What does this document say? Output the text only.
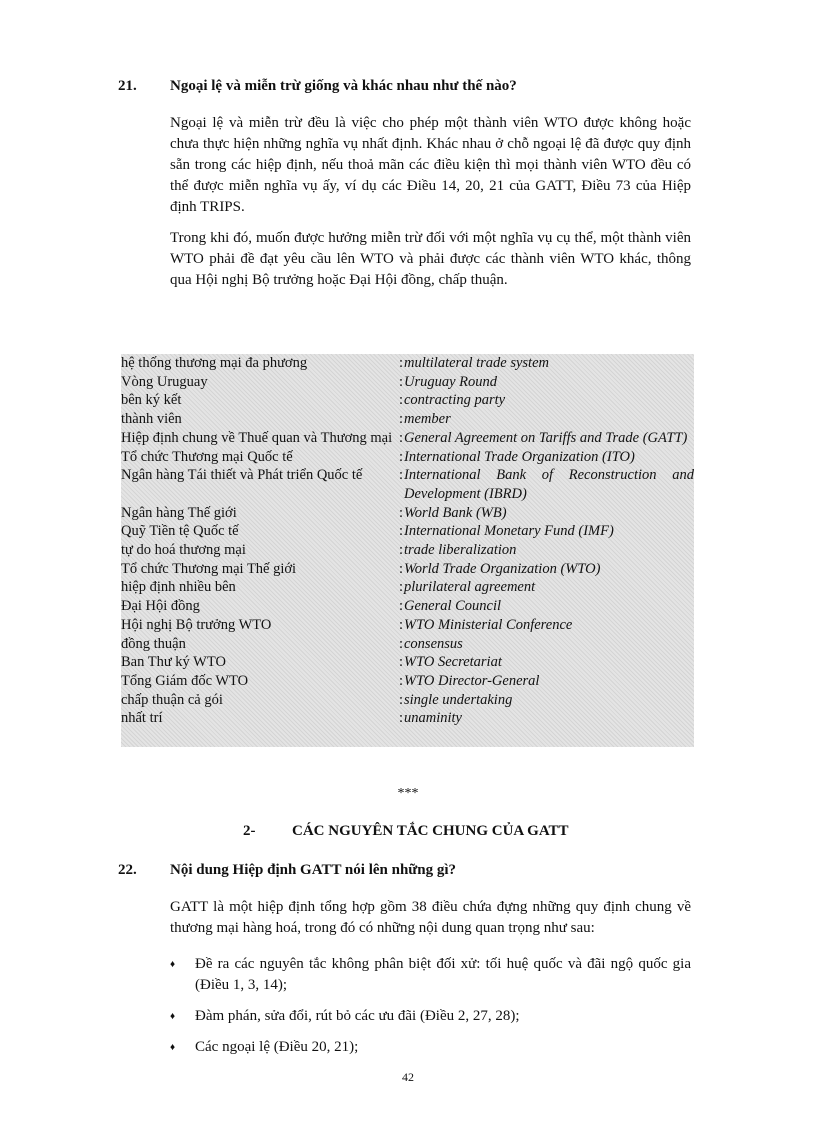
21.	Ngoại lệ và miễn trừ giống và khác nhau như thế nào?

Ngoại lệ và miễn trừ đều là việc cho phép một thành viên WTO được không hoặc chưa thực hiện những nghĩa vụ nhất định. Khác nhau ở chỗ ngoại lệ đã được quy định sẵn trong các hiệp định, nếu thoả mãn các điều kiện thì mọi thành viên WTO đều có thể được miễn nghĩa vụ ấy, ví dụ các Điều 14, 20, 21 của GATT, Điều 73 của Hiệp định TRIPS.

Trong khi đó, muốn được hưởng miễn trừ đối với một nghĩa vụ cụ thể, một thành viên WTO phải đề đạt yêu cầu lên WTO và phải được các thành viên WTO khác, thông qua Hội nghị Bộ trưởng hoặc Đại Hội đồng, chấp thuận.

hệ thống thương mại đa phương	: multilateral trade system
Vòng Uruguay	: Uruguay Round
bên ký kết	: contracting party
thành viên	: member
Hiệp định chung về Thuế quan và Thương mại : General Agreement on Tariffs and Trade (GATT)
Tổ chức Thương mại Quốc tế	: International Trade Organization (ITO)
Ngân hàng Tái thiết và Phát triển Quốc tế	: International Bank of Reconstruction and Development (IBRD)
Ngân hàng Thế giới	: World Bank (WB)
Quỹ Tiền tệ Quốc tế	: International Monetary Fund (IMF)
tự do hoá thương mại	: trade liberalization
Tổ chức Thương mại Thế giới	: World Trade Organization (WTO)
hiệp định nhiều bên	: plurilateral agreement
Đại Hội đồng	: General Council
Hội nghị Bộ trưởng WTO	: WTO Ministerial Conference
đồng thuận	: consensus
Ban Thư ký WTO	: WTO Secretariat
Tổng Giám đốc WTO	: WTO Director-General
chấp thuận cả gói	: single undertaking
nhất trí	: unaminity
***
2-	CÁC NGUYÊN TẮC CHUNG CỦA GATT
22.	Nội dung Hiệp định GATT nói lên những gì?

GATT là một hiệp định tổng hợp gồm 38 điều chứa đựng những quy định chung về thương mại hàng hoá, trong đó có những nội dung quan trọng như sau:

♦	Đề ra các nguyên tắc không phân biệt đối xử: tối huệ quốc và đãi ngộ quốc gia (Điều 1, 3, 14);
♦	Đàm phán, sửa đổi, rút bỏ các ưu đãi (Điều 2, 27, 28);
♦	Các ngoại lệ (Điều 20, 21);
42
